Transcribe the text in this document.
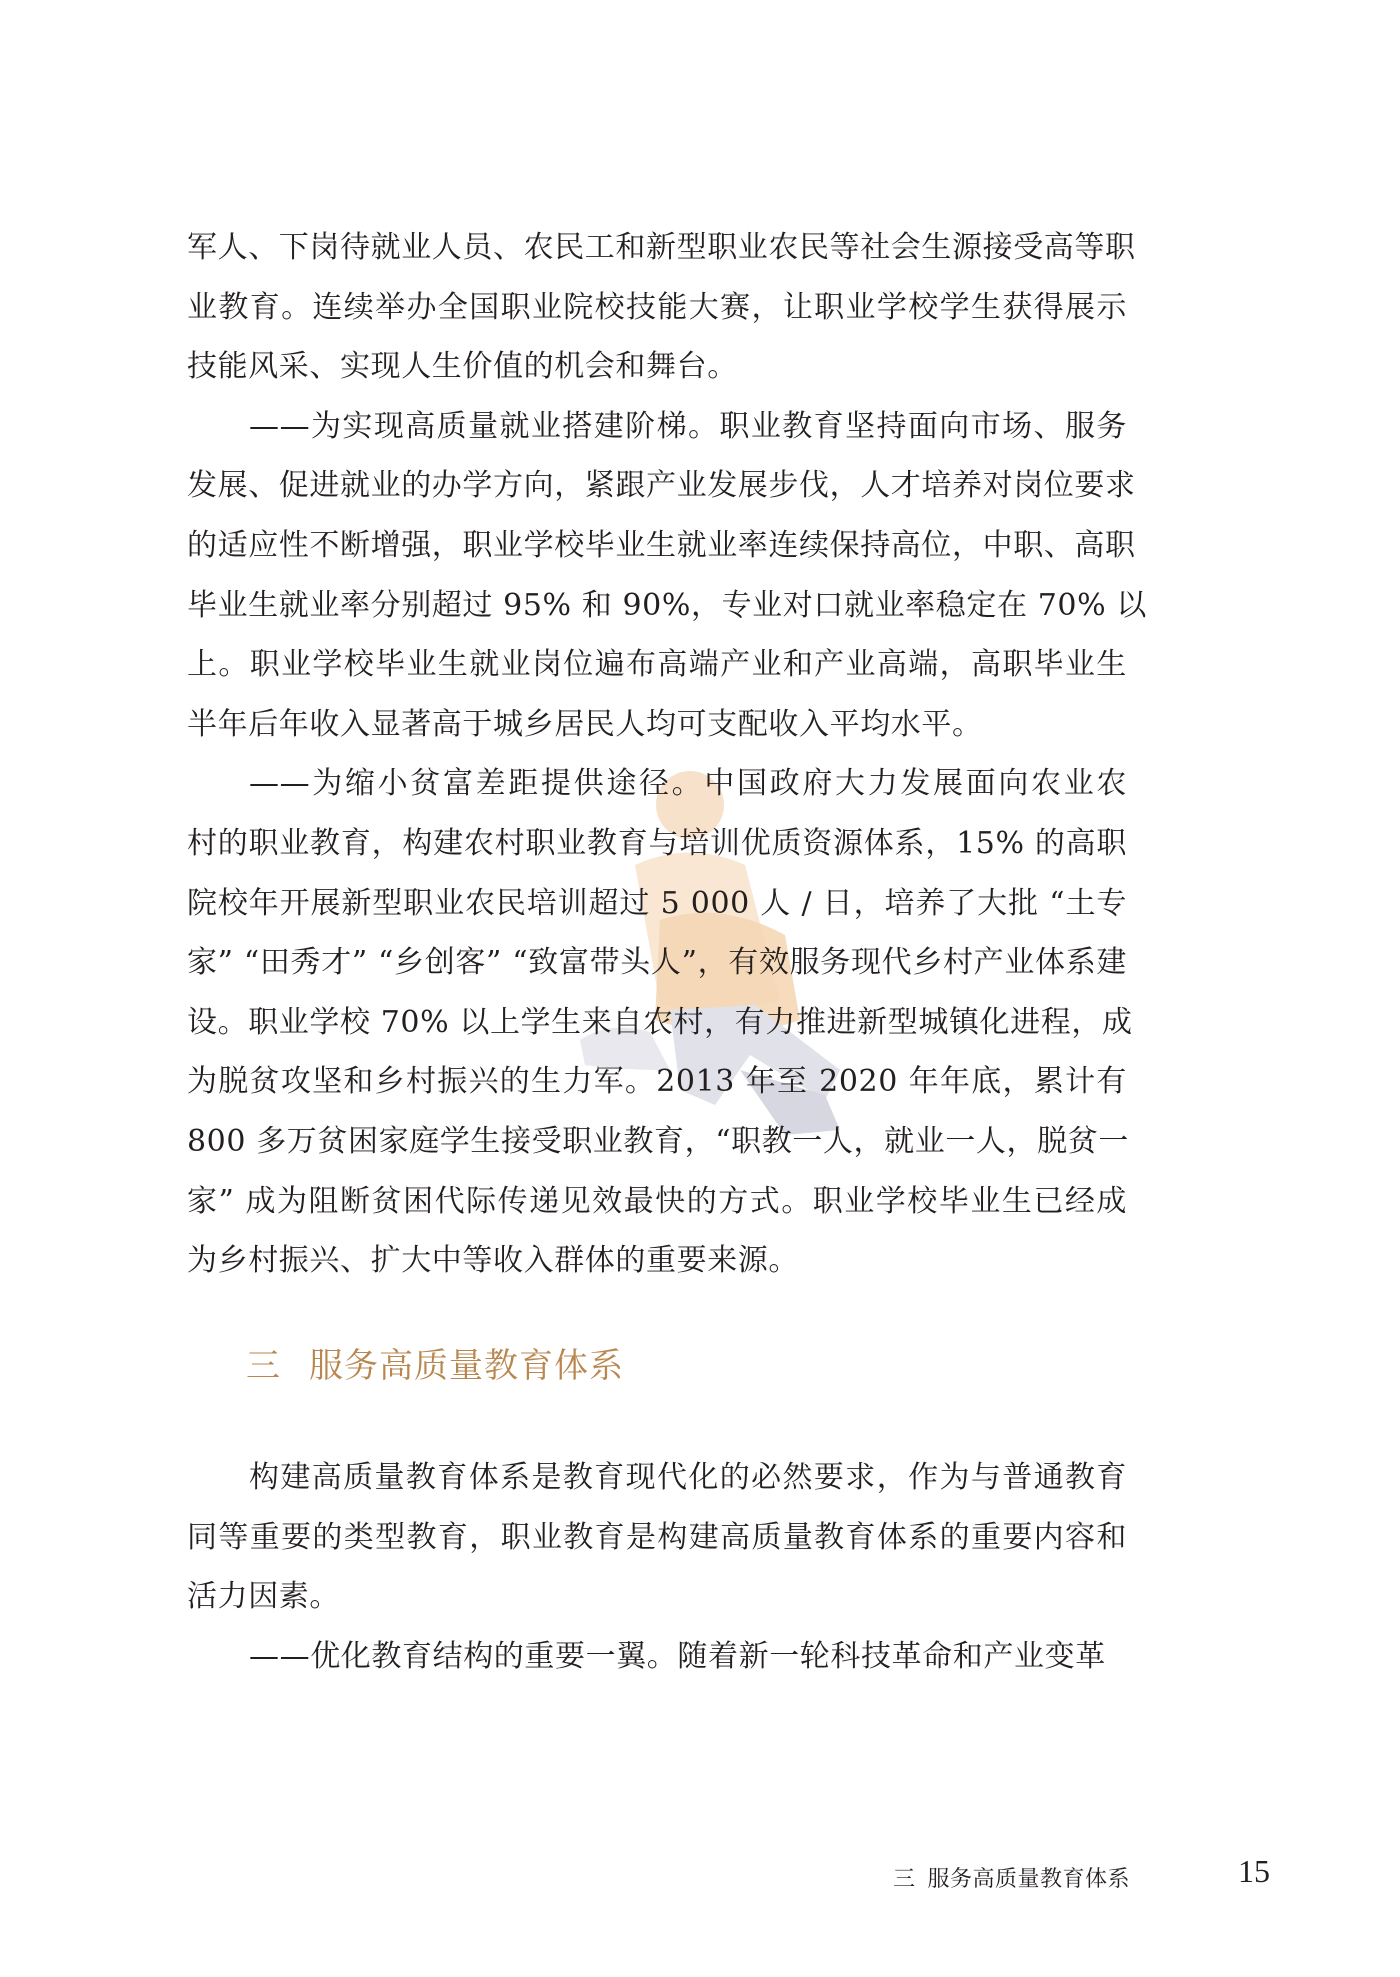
军人、下岗待就业人员、农民工和新型职业农民等社会生源接受高等职
业教育。连续举办全国职业院校技能大赛，让职业学校学生获得展示
技能风采、实现人生价值的机会和舞台。

——为实现高质量就业搭建阶梯。职业教育坚持面向市场、服务
发展、促进就业的办学方向，紧跟产业发展步伐，人才培养对岗位要求
的适应性不断增强，职业学校毕业生就业率连续保持高位，中职、高职
毕业生就业率分别超过 95% 和 90%，专业对口就业率稳定在 70% 以
上。职业学校毕业生就业岗位遍布高端产业和产业高端，高职毕业生
半年后年收入显著高于城乡居民人均可支配收入平均水平。

——为缩小贫富差距提供途径。中国政府大力发展面向农业农
村的职业教育，构建农村职业教育与培训优质资源体系，15% 的高职
院校年开展新型职业农民培训超过 5 000 人 / 日，培养了大批 “土专
家” “田秀才” “乡创客” “致富带头人”，有效服务现代乡村产业体系建
设。职业学校 70% 以上学生来自农村，有力推进新型城镇化进程，成
为脱贫攻坚和乡村振兴的生力军。2013 年至 2020 年年底，累计有
800 多万贫困家庭学生接受职业教育，“职教一人，就业一人，脱贫一
家” 成为阻断贫困代际传递见效最快的方式。职业学校毕业生已经成
为乡村振兴、扩大中等收入群体的重要来源。

三 服务高质量教育体系

构建高质量教育体系是教育现代化的必然要求，作为与普通教育
同等重要的类型教育，职业教育是构建高质量教育体系的重要内容和
活力因素。

——优化教育结构的重要一翼。随着新一轮科技革命和产业变革

三 服务高质量教育体系	15
